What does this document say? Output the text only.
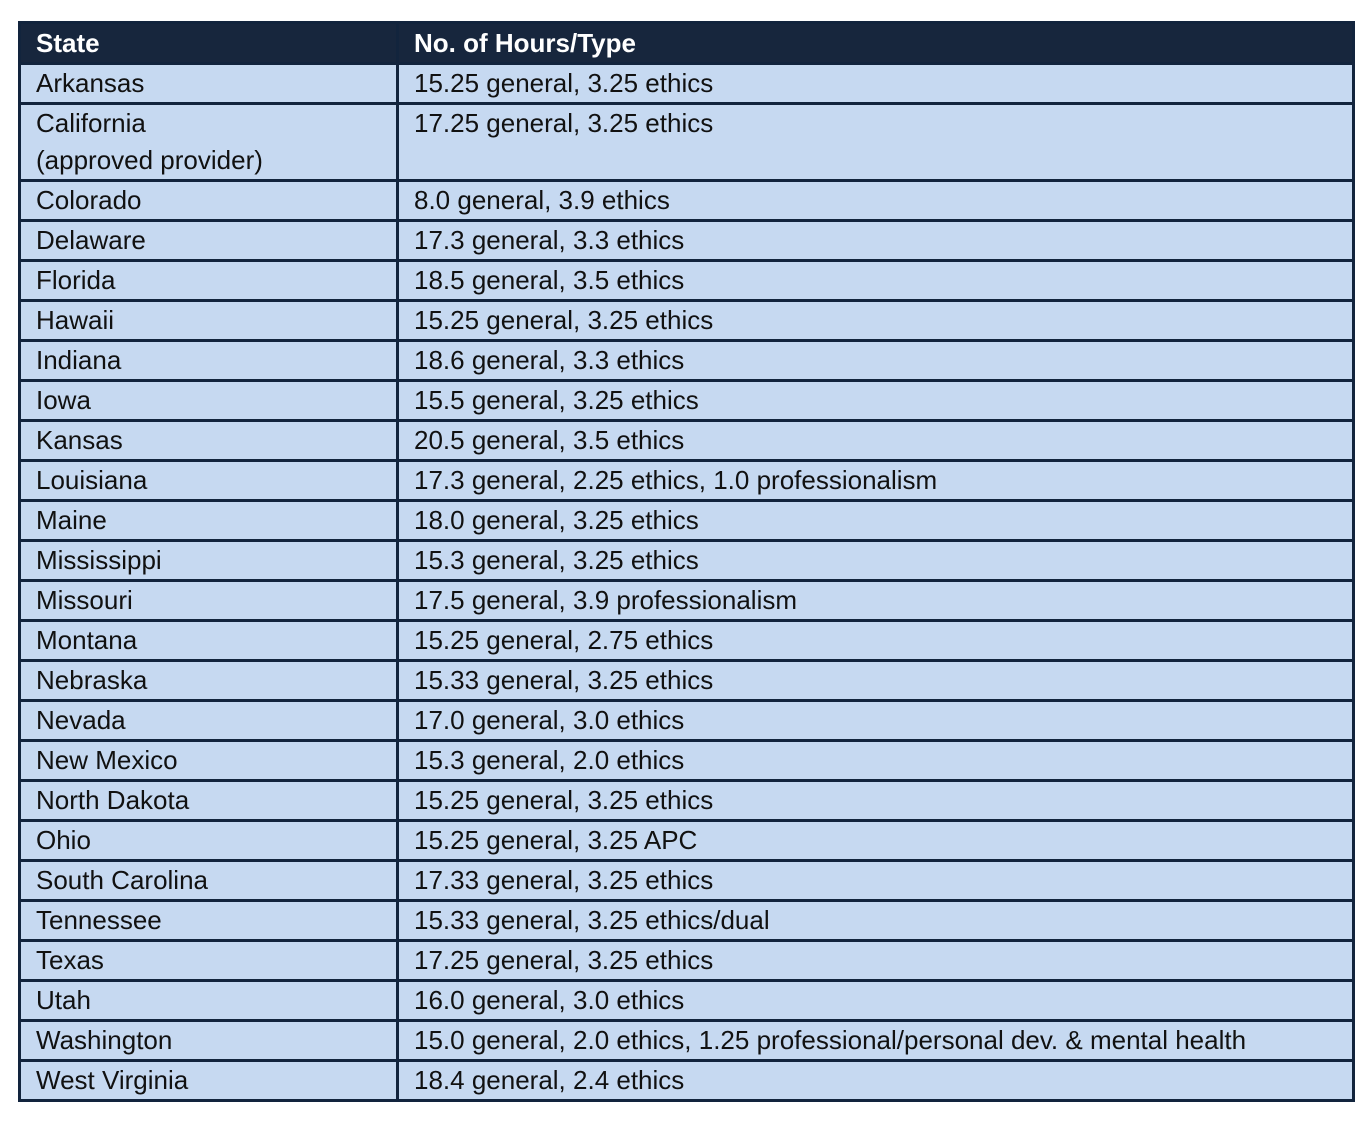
State	No. of Hours/Type

Arkansas	15.25 general, 3.25 ethics

California
(approved provider)	17.25 general, 3.25 ethics

Colorado	8.0 general, 3.9 ethics

Delaware	17.3 general, 3.3 ethics

Florida	18.5 general, 3.5 ethics

Hawaii	15.25 general, 3.25 ethics

Indiana	18.6 general, 3.3 ethics

Iowa	15.5 general, 3.25 ethics

Kansas	20.5 general, 3.5 ethics

Louisiana	17.3 general, 2.25 ethics, 1.0 professionalism

Maine	18.0 general, 3.25 ethics

Mississippi	15.3 general, 3.25 ethics

Missouri	17.5 general, 3.9 professionalism

Montana	15.25 general, 2.75 ethics

Nebraska	15.33 general, 3.25 ethics

Nevada	17.0 general, 3.0 ethics

New Mexico	15.3 general, 2.0 ethics

North Dakota	15.25 general, 3.25 ethics

Ohio	15.25 general, 3.25 APC

South Carolina	17.33 general, 3.25 ethics

Tennessee	15.33 general, 3.25 ethics/dual

Texas	17.25 general, 3.25 ethics

Utah	16.0 general, 3.0 ethics

Washington	15.0 general, 2.0 ethics, 1.25 professional/personal dev. & mental health

West Virginia	18.4 general, 2.4 ethics
